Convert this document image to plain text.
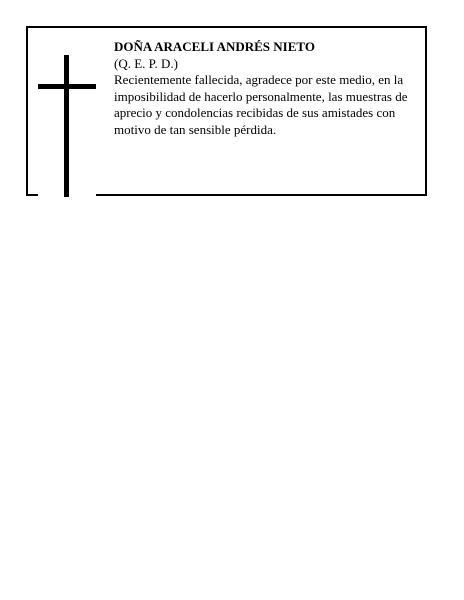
DOÑA ARACELI ANDRÉS NIETO

(Q. E. P. D.)

Recientemente fallecida, agradece por este medio, en la imposibilidad de hacerlo personalmente, las muestras de aprecio y condolencias recibidas de sus amistades con motivo de tan sensible pérdida.
